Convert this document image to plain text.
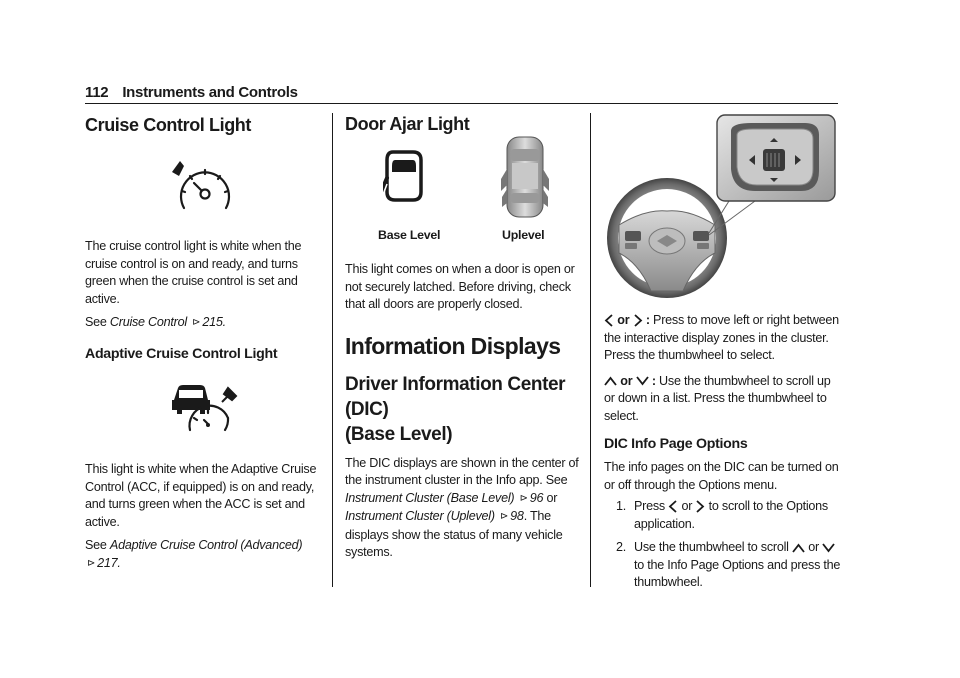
112 Instruments and Controls
Cruise Control Light

The cruise control light is white when the cruise control is on and ready, and turns green when the cruise control is set and active.

See Cruise Control ⊳ 215.

Adaptive Cruise Control Light

This light is white when the Adaptive Cruise Control (ACC, if equipped) is on and ready, and turns green when the ACC is set and active.

See Adaptive Cruise Control (Advanced)
⊳ 217.

Door Ajar Light
Base Level	Uplevel

This light comes on when a door is open or not securely latched. Before driving, check that all doors are properly closed.

Information Displays
Driver Information Center (DIC)
(Base Level)

The DIC displays are shown in the center of the instrument cluster in the Info app. See Instrument Cluster (Base Level) ⊳ 96 or Instrument Cluster (Uplevel) ⊳ 98. The displays show the status of many vehicle systems.

or : Press to move left or right between the interactive display zones in the cluster. Press the thumbwheel to select.

or : Use the thumbwheel to scroll up or down in a list. Press the thumbwheel to select.

DIC Info Page Options

The info pages on the DIC can be turned on or off through the Options menu.

1. Press or to scroll to the Options application.

2. Use the thumbwheel to scroll or  to the Info Page Options and press the thumbwheel.
